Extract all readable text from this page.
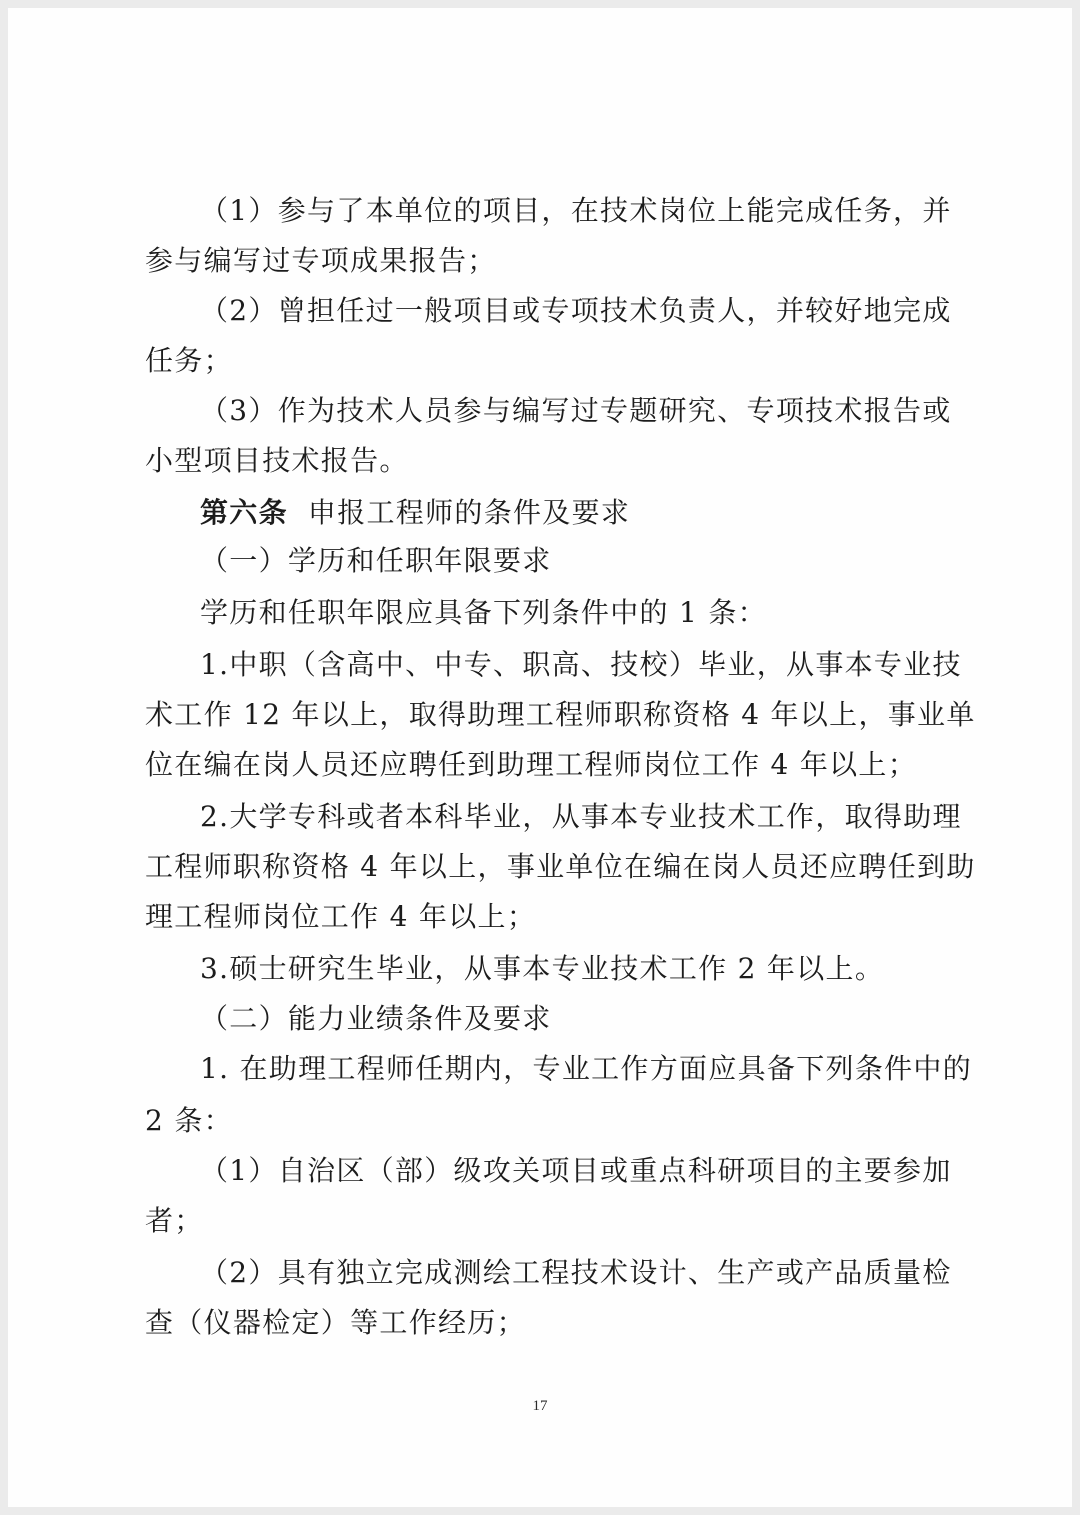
（1）参与了本单位的项目，在技术岗位上能完成任务，并
参与编写过专项成果报告；
（2）曾担任过一般项目或专项技术负责人，并较好地完成
任务；
（3）作为技术人员参与编写过专题研究、专项技术报告或
小型项目技术报告。
第六条 申报工程师的条件及要求
（一）学历和任职年限要求
学历和任职年限应具备下列条件中的 1 条：
1.中职（含高中、中专、职高、技校）毕业，从事本专业技
术工作 12 年以上，取得助理工程师职称资格 4 年以上，事业单
位在编在岗人员还应聘任到助理工程师岗位工作 4 年以上；
2.大学专科或者本科毕业，从事本专业技术工作，取得助理
工程师职称资格 4 年以上，事业单位在编在岗人员还应聘任到助
理工程师岗位工作 4 年以上；
3.硕士研究生毕业，从事本专业技术工作 2 年以上。
（二）能力业绩条件及要求
1. 在助理工程师任期内，专业工作方面应具备下列条件中的
2 条：
（1）自治区（部）级攻关项目或重点科研项目的主要参加
者；
（2）具有独立完成测绘工程技术设计、生产或产品质量检
查（仪器检定）等工作经历；
17
